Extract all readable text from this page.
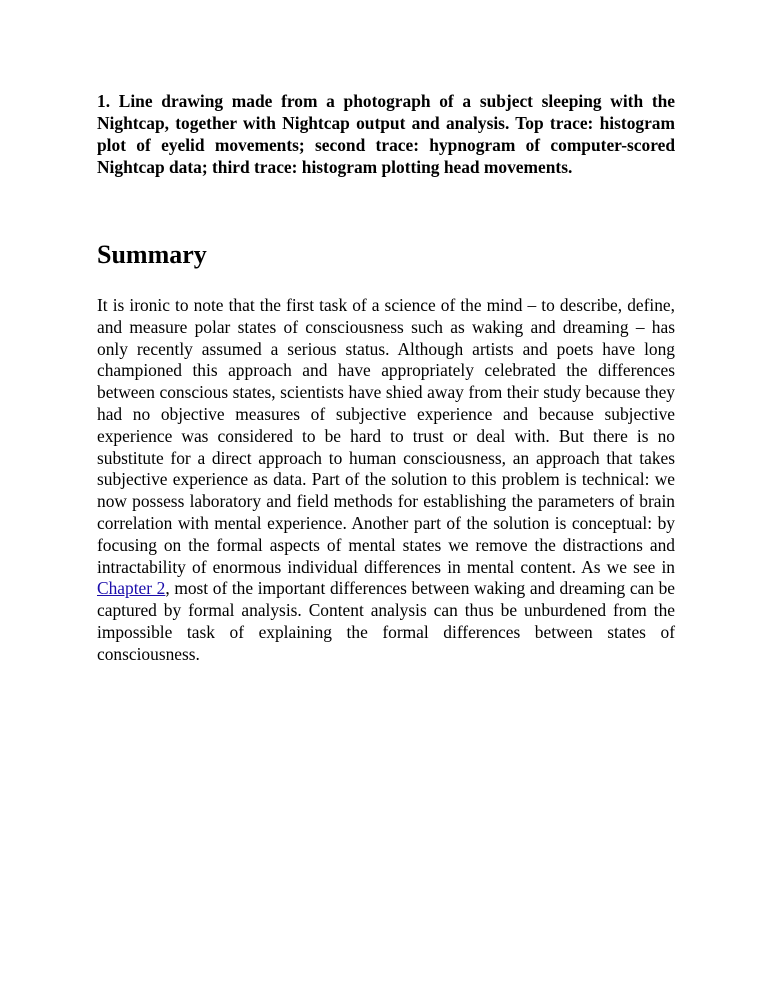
1. Line drawing made from a photograph of a subject sleeping with the Nightcap, together with Nightcap output and analysis. Top trace: histogram plot of eyelid movements; second trace: hypnogram of computer-scored Nightcap data; third trace: histogram plotting head movements.

Summary

It is ironic to note that the first task of a science of the mind – to describe, define, and measure polar states of consciousness such as waking and dreaming – has only recently assumed a serious status. Although artists and poets have long championed this approach and have appropriately celebrated the differences between conscious states, scientists have shied away from their study because they had no objective measures of subjective experience and because subjective experience was considered to be hard to trust or deal with. But there is no substitute for a direct approach to human consciousness, an approach that takes subjective experience as data. Part of the solution to this problem is technical: we now possess laboratory and field methods for establishing the parameters of brain correlation with mental experience. Another part of the solution is conceptual: by focusing on the formal aspects of mental states we remove the distractions and intractability of enormous individual differences in mental content. As we see in Chapter 2, most of the important differences between waking and dreaming can be captured by formal analysis. Content analysis can thus be unburdened from the impossible task of explaining the formal differences between states of consciousness.
